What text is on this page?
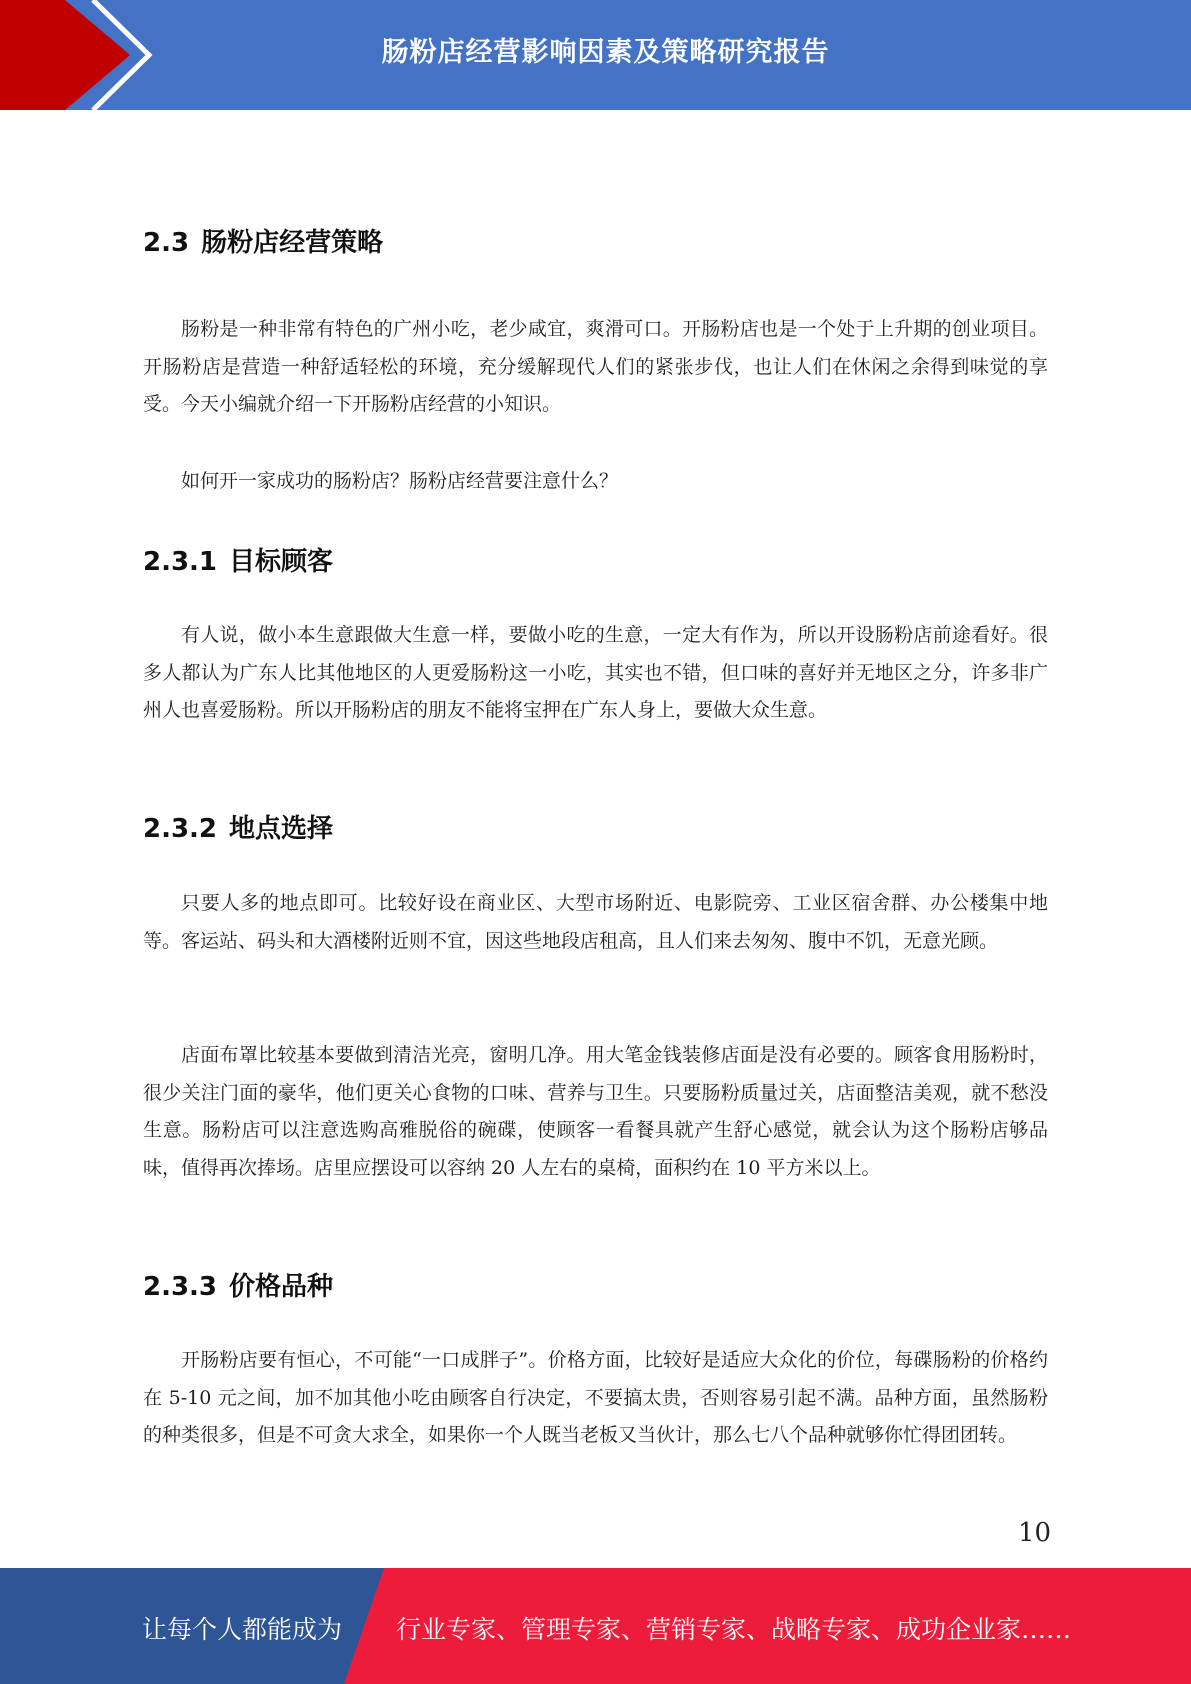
肠粉店经营影响因素及策略研究报告
2.3 肠粉店经营策略

肠粉是一种非常有特色的广州小吃，老少咸宜，爽滑可口。开肠粉店也是一个处于上升期的创业项目。开肠粉店是营造一种舒适轻松的环境，充分缓解现代人们的紧张步伐，也让人们在休闲之余得到味觉的享受。今天小编就介绍一下开肠粉店经营的小知识。

如何开一家成功的肠粉店？肠粉店经营要注意什么？

2.3.1 目标顾客

有人说，做小本生意跟做大生意一样，要做小吃的生意，一定大有作为，所以开设肠粉店前途看好。很多人都认为广东人比其他地区的人更爱肠粉这一小吃，其实也不错，但口味的喜好并无地区之分，许多非广州人也喜爱肠粉。所以开肠粉店的朋友不能将宝押在广东人身上，要做大众生意。

2.3.2 地点选择

只要人多的地点即可。比较好设在商业区、大型市场附近、电影院旁、工业区宿舍群、办公楼集中地等。客运站、码头和大酒楼附近则不宜，因这些地段店租高，且人们来去匆匆、腹中不饥，无意光顾。

店面布罩比较基本要做到清洁光亮，窗明几净。用大笔金钱装修店面是没有必要的。顾客食用肠粉时，很少关注门面的豪华，他们更关心食物的口味、营养与卫生。只要肠粉质量过关，店面整洁美观，就不愁没生意。肠粉店可以注意选购高雅脱俗的碗碟，使顾客一看餐具就产生舒心感觉，就会认为这个肠粉店够品味，值得再次捧场。店里应摆设可以容纳 20 人左右的桌椅，面积约在 10 平方米以上。

2.3.3 价格品种

开肠粉店要有恒心，不可能“一口成胖子”。价格方面，比较好是适应大众化的价位，每碟肠粉的价格约在 5-10 元之间，加不加其他小吃由顾客自行决定，不要搞太贵，否则容易引起不满。品种方面，虽然肠粉的种类很多，但是不可贪大求全，如果你一个人既当老板又当伙计，那么七八个品种就够你忙得团团转。

10
让每个人都能成为 行业专家、管理专家、营销专家、战略专家、成功企业家……
